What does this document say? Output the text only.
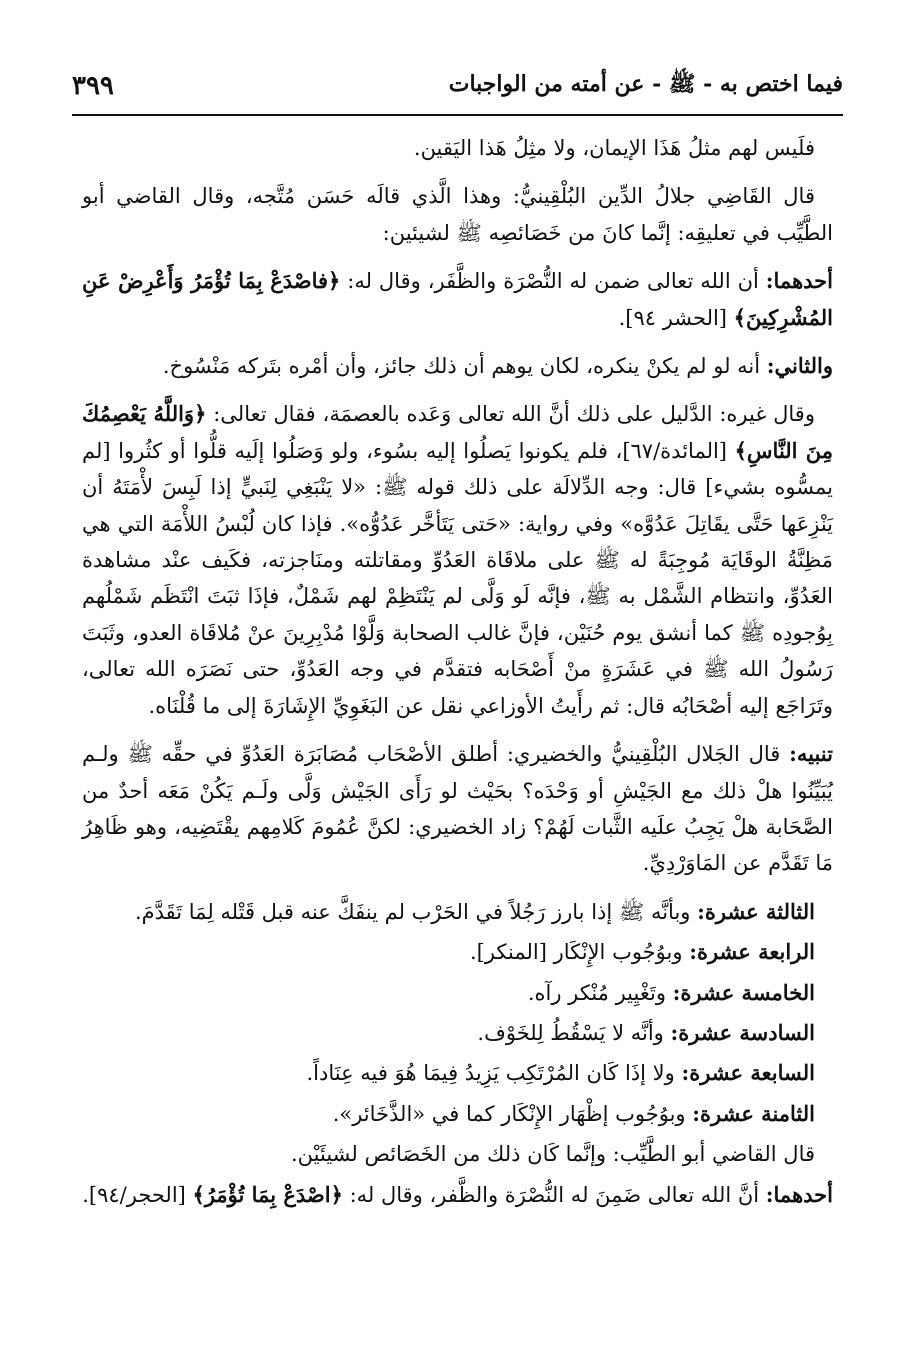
فيما اختص به - ﷺ - عن أمته من الواجبات
٣٩٩

فلَيس لهم مثلُ هَذَا الإيمان، ولا مثِلُ هَذا اليَقين.

قال القَاضِي جلالُ الدِّين البُلْقِينيُّ: وهذا الَّذي قالَه حَسَن مُتَّجه، وقال القاضي أبو الطَّيِّب في تعليقِه: إنَّما كانَ من خَصَائصِه ﷺ لشيئين:

أحدهما: أن الله تعالى ضمن له النُّصْرَة والظَّفَر، وقال له: ﴿فاصْدَعْ بِمَا تُؤْمَرُ وَأَعْرِضْ عَنِ المُشْرِكِينَ﴾ [الحشر ٩٤].

والثاني: أنه لو لم يكنْ ينكره، لكان يوهم أن ذلك جائز، وأن أمْره بتَركه مَنْسُوخ.

وقال غيره: الدَّليل على ذلك أنَّ الله تعالى وَعَده بالعصمَة، فقال تعالى: ﴿وَاللَّهُ يَعْصِمُكَ مِنَ النَّاسِ﴾ [المائدة/٦٧]، فلم يكونوا يَصلُوا إليه بسُوء، ولو وَصَلُوا إلَيه قلُّوا أو كثُروا [لم يمسُّوه بشيء] قال: وجه الدِّلالَة على ذلك قوله ﷺ: «لا يَنْبَغِي لِنَبيٍّ إذا لَبِسَ لأْمَتَهُ أن يَنْزِعَها حَتَّى يقَاتِلَ عَدُوَّه» وفي رواية: «حَتى يَتَأخَّر عَدُوُّه». فإذا كان لُبْسُ اللأْمَة التي هي مَظِنَّةُ الوقَايَة مُوجِبَةً له ﷺ على ملاقَاة العَدُوِّ ومقاتلته ومنَاجزته، فكَيف عنْد مشاهدة العَدُوِّ، وانتظام الشَّمْل به ﷺ، فإنَّه لَو وَلَّى لم يَنْتَظِمْ لهم شَمْلٌ، فإذَا ثبَتَ انْتَظَم شَمْلُهم بِوُجودِه ﷺ كما أنشق يوم حُنَيْن، فإنَّ غالب الصحابة وَلَّوْا مُدْبِرِينَ عنْ مُلاقَاة العدو، وثَبَتَ رَسُولُ الله ﷺ في عَشَرَةٍ منْ أَصْحَابه فتقدَّم في وجه العَدُوِّ، حتى نَصَرَه الله تعالى، وتَرَاجَع إليه أصْحَابُه قال: ثم رأَيتُ الأوزاعي نقل عن البَغَوِيِّ الإِشَارَةَ إلى ما قُلْنَاه.

تنبيه: قال الجَلال البُلْقِينيُّ والخضيري: أطلق الأصْحَاب مُصَابَرَة العَدُوِّ في حقِّه ﷺ ولـم يُبَيِّنُوا هلْ ذلك مع الجَيْشِ أو وَحْدَه؟ بحَيْث لو رَأَى الجَيْش وَلَّى ولَـم يَكُنْ مَعَه أحدٌ من الصَّحَابة هلْ يَجِبُ علَيه الثَّبات لَهُمْ؟ زاد الخضيري: لكنَّ عُمُومَ كَلامِهم يقْتَضِيه، وهو ظَاهِرُ مَا تَقَدَّم عن المَاوَرْدِيِّ.

الثالثة عشرة: وبأنَّه ﷺ إذا بارز رَجُلاً في الحَرْب لم ينفَكَّ عنه قبل قَتْله لِمَا تَقَدَّمَ.

الرابعة عشرة: وبوُجُوب الإِنْكَار [المنكر].

الخامسة عشرة: وتَغْيِير مُنْكر رآه.

السادسة عشرة: وأنَّه لا يَسْقُطُ لِلخَوْف.

السابعة عشرة: ولا إذَا كَان المُرْتَكِب يَزِيدُ فِيمَا هُوَ فيه عِنَاداً.

الثامنة عشرة: وبوُجُوب إظْهَار الإِنْكَار كما في «الذَّخَائر».

قال القاضي أبو الطَّيِّب: وإنَّما كَان ذلك من الخَصَائص لشيئَيْن.

أحدهما: أنَّ الله تعالى ضَمِنَ له النُّصْرَة والظَّفر، وقال له: ﴿اصْدَعْ بِمَا تُؤْمَرُ﴾ [الحجر/٩٤].
